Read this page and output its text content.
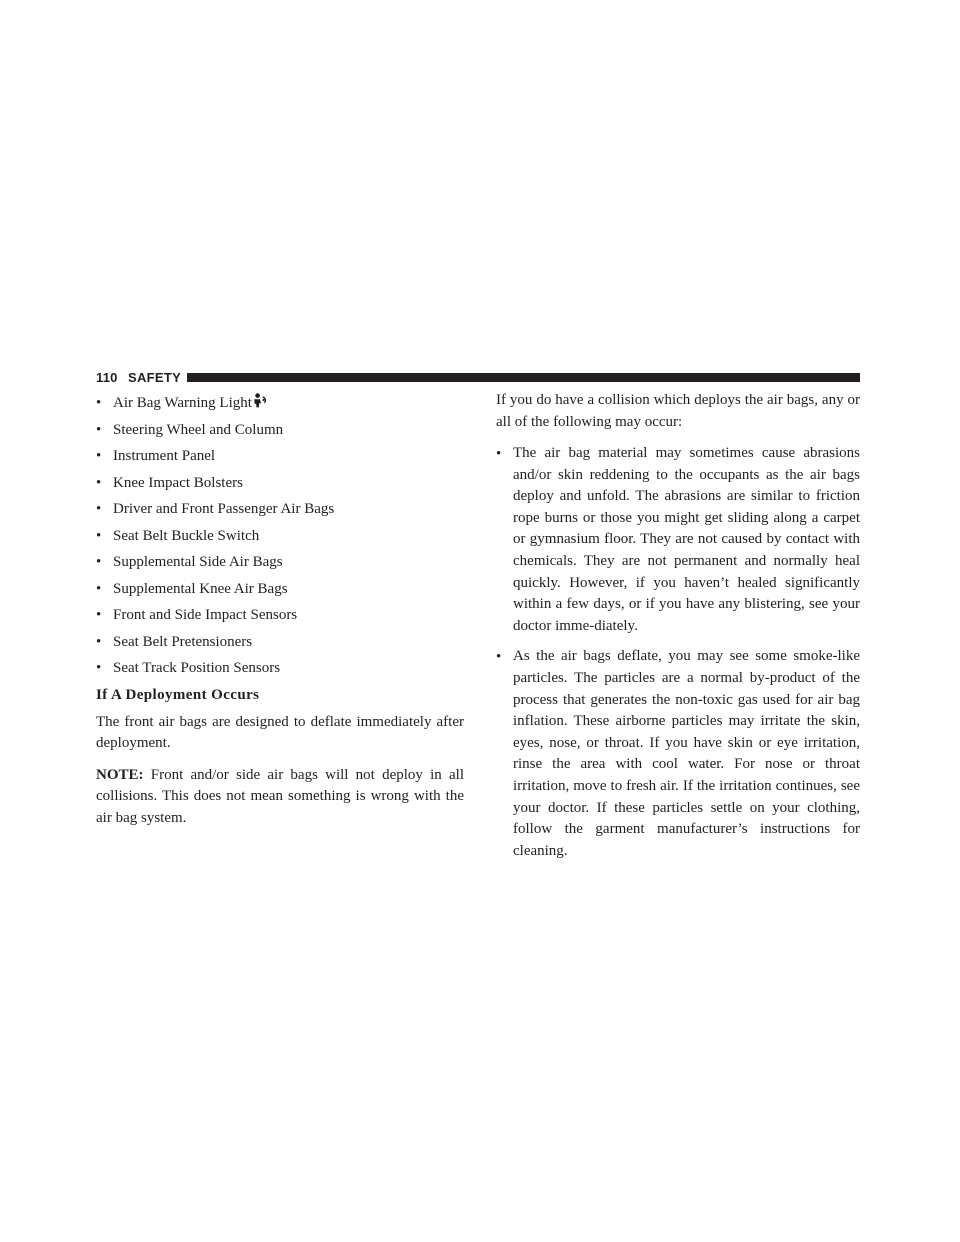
110 SAFETY
• Air Bag Warning Light
• Steering Wheel and Column
• Instrument Panel
• Knee Impact Bolsters
• Driver and Front Passenger Air Bags
• Seat Belt Buckle Switch
• Supplemental Side Air Bags
• Supplemental Knee Air Bags
• Front and Side Impact Sensors
• Seat Belt Pretensioners
• Seat Track Position Sensors
If A Deployment Occurs

The front air bags are designed to deflate immediately after deployment.

NOTE: Front and/or side air bags will not deploy in all collisions. This does not mean something is wrong with the air bag system.

If you do have a collision which deploys the air bags, any or all of the following may occur:

• The air bag material may sometimes cause abrasions and/or skin reddening to the occupants as the air bags deploy and unfold. The abrasions are similar to friction rope burns or those you might get sliding along a carpet or gymnasium floor. They are not caused by contact with chemicals. They are not permanent and normally heal quickly. However, if you haven’t healed significantly within a few days, or if you have any blistering, see your doctor imme-diately.
• As the air bags deflate, you may see some smoke-like particles. The particles are a normal by-product of the process that generates the non-toxic gas used for air bag inflation. These airborne particles may irritate the skin, eyes, nose, or throat. If you have skin or eye irritation, rinse the area with cool water. For nose or throat irritation, move to fresh air. If the irritation continues, see your doctor. If these particles settle on your clothing, follow the garment manufacturer’s instructions for cleaning.
